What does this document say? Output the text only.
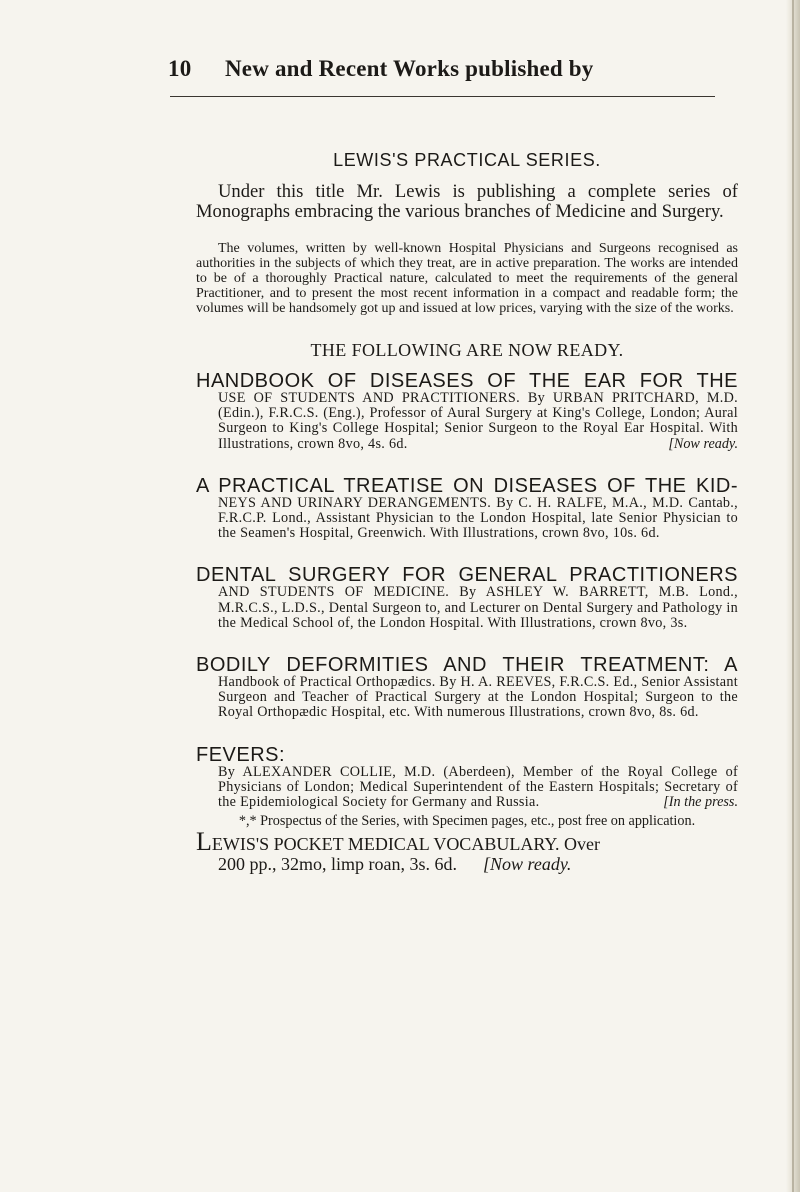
10 New and Recent Works published by
LEWIS'S PRACTICAL SERIES.

Under this title Mr. Lewis is publishing a complete series of Monographs embracing the various branches of Medicine and Surgery.

The volumes, written by well-known Hospital Physicians and Surgeons recognised as authorities in the subjects of which they treat, are in active preparation. The works are intended to be of a thoroughly Practical nature, calculated to meet the requirements of the general Practitioner, and to present the most recent information in a compact and readable form; the volumes will be handsomely got up and issued at low prices, varying with the size of the works.

THE FOLLOWING ARE NOW READY.

HANDBOOK OF DISEASES OF THE EAR FOR THE
USE OF STUDENTS AND PRACTITIONERS. By URBAN PRITCHARD, M.D. (Edin.), F.R.C.S. (Eng.), Professor of Aural Surgery at King's College, London; Aural Surgeon to King's College Hospital; Senior Surgeon to the Royal Ear Hospital. With Illustrations, crown 8vo, 4s. 6d.	[Now ready.
A PRACTICAL TREATISE ON DISEASES OF THE KID-
NEYS AND URINARY DERANGEMENTS. By C. H. RALFE, M.A., M.D. Cantab., F.R.C.P. Lond., Assistant Physician to the London Hospital, late Senior Physician to the Seamen's Hospital, Greenwich. With Illustrations, crown 8vo, 10s. 6d.
DENTAL SURGERY FOR GENERAL PRACTITIONERS
AND STUDENTS OF MEDICINE. By ASHLEY W. BARRETT, M.B. Lond., M.R.C.S., L.D.S., Dental Surgeon to, and Lecturer on Dental Surgery and Pathology in the Medical School of, the London Hospital. With Illustrations, crown 8vo, 3s.
BODILY DEFORMITIES AND THEIR TREATMENT: A
Handbook of Practical Orthopædics. By H. A. REEVES, F.R.C.S. Ed., Senior Assistant Surgeon and Teacher of Practical Surgery at the London Hospital; Surgeon to the Royal Orthopædic Hospital, etc. With numerous Illustrations, crown 8vo, 8s. 6d.
FEVERS:
By ALEXANDER COLLIE, M.D. (Aberdeen), Member of the Royal College of Physicians of London; Medical Superintendent of the Eastern Hospitals; Secretary of the Epidemiological Society for Germany and Russia.	[In the press.
*,* Prospectus of the Series, with Specimen pages, etc., post free on application.
LEWIS'S POCKET MEDICAL VOCABULARY. Over
200 pp., 32mo, limp roan, 3s. 6d. [Now ready.
